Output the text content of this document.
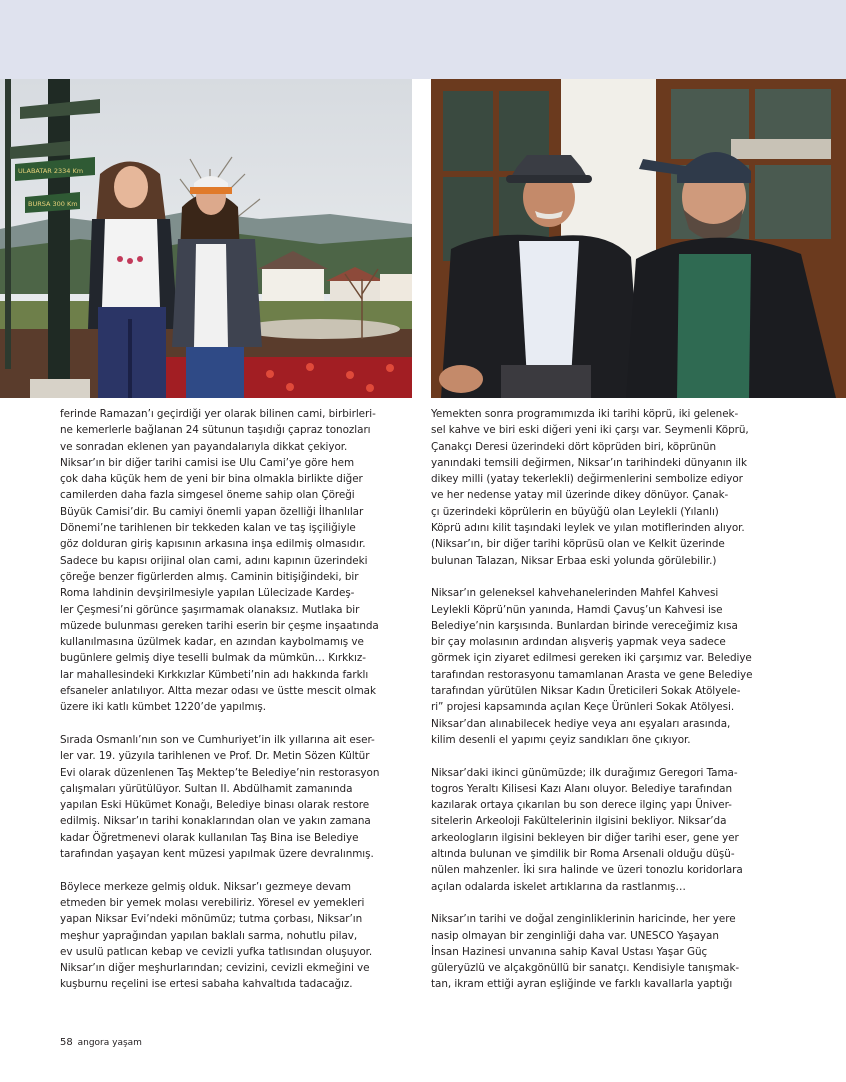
ULABATAR 2334 Km
BURSA 300 Km

ferinde Ramazan’ı geçirdiği yer olarak bilinen cami, birbirleri-
ne kemerlerle bağlanan 24 sütunun taşıdığı çapraz tonozları
ve sonradan eklenen yan payandalarıyla dikkat çekiyor.
Niksar’ın bir diğer tarihi camisi ise Ulu Cami’ye göre hem
çok daha küçük hem de yeni bir bina olmakla birlikte diğer
camilerden daha fazla simgesel öneme sahip olan Çöreği
Büyük Camisi’dir. Bu camiyi önemli yapan özelliği İlhanlılar
Dönemi’ne tarihlenen bir tekkeden kalan ve taş işçiliğiyle
göz dolduran giriş kapısının arkasına inşa edilmiş olmasıdır.
Sadece bu kapısı orijinal olan cami, adını kapının üzerindeki
çöreğe benzer figürlerden almış. Caminin bitişiğindeki, bir
Roma lahdinin devşirilmesiyle yapılan Lülecizade Kardeş-
ler Çeşmesi’ni görünce şaşırmamak olanaksız. Mutlaka bir
müzede bulunması gereken tarihi eserin bir çeşme inşaatında
kullanılmasına üzülmek kadar, en azından kaybolmamış ve
bugünlere gelmiş diye teselli bulmak da mümkün… Kırkkız-
lar mahallesindeki Kırkkızlar Kümbeti’nin adı hakkında farklı
efsaneler anlatılıyor. Altta mezar odası ve üstte mescit olmak
üzere iki katlı kümbet 1220’de yapılmış.

Sırada Osmanlı’nın son ve Cumhuriyet’in ilk yıllarına ait eser-
ler var. 19. yüzyıla tarihlenen ve Prof. Dr. Metin Sözen Kültür
Evi olarak düzenlenen Taş Mektep’te Belediye’nin restorasyon
çalışmaları yürütülüyor. Sultan II. Abdülhamit zamanında
yapılan Eski Hükümet Konağı, Belediye binası olarak restore
edilmiş. Niksar’ın tarihi konaklarından olan ve yakın zamana
kadar Öğretmenevi olarak kullanılan Taş Bina ise Belediye
tarafından yaşayan kent müzesi yapılmak üzere devralınmış.

Böylece merkeze gelmiş olduk. Niksar’ı gezmeye devam
etmeden bir yemek molası verebiliriz. Yöresel ev yemekleri
yapan Niksar Evi’ndeki mönümüz; tutma çorbası, Niksar’ın
meşhur yaprağından yapılan baklalı sarma, nohutlu pilav,
ev usulü patlıcan kebap ve cevizli yufka tatlısından oluşuyor.
Niksar’ın diğer meşhurlarından; cevizini, cevizli ekmeğini ve
kuşburnu reçelini ise ertesi sabaha kahvaltıda tadacağız.

Yemekten sonra programımızda iki tarihi köprü, iki gelenek-
sel kahve ve biri eski diğeri yeni iki çarşı var. Seymenli Köprü,
Çanakçı Deresi üzerindeki dört köprüden biri, köprünün
yanındaki temsili değirmen, Niksar’ın tarihindeki dünyanın ilk
dikey milli (yatay tekerlekli) değirmenlerini sembolize ediyor
ve her nedense yatay mil üzerinde dikey dönüyor. Çanak-
çı üzerindeki köprülerin en büyüğü olan Leylekli (Yılanlı)
Köprü adını kilit taşındaki leylek ve yılan motiflerinden alıyor.
(Niksar’ın, bir diğer tarihi köprüsü olan ve Kelkit üzerinde
bulunan Talazan, Niksar Erbaa eski yolunda görülebilir.)

Niksar’ın geleneksel kahvehanelerinden Mahfel Kahvesi
Leylekli Köprü’nün yanında, Hamdi Çavuş’un Kahvesi ise
Belediye’nin karşısında. Bunlardan birinde vereceğimiz kısa
bir çay molasının ardından alışveriş yapmak veya sadece
görmek için ziyaret edilmesi gereken iki çarşımız var. Belediye
tarafından restorasyonu tamamlanan Arasta ve gene Belediye
tarafından yürütülen Niksar Kadın Üreticileri Sokak Atölyele-
ri” projesi kapsamında açılan Keçe Ürünleri Sokak Atölyesi.
Niksar’dan alınabilecek hediye veya anı eşyaları arasında,
kilim desenli el yapımı çeyiz sandıkları öne çıkıyor.

Niksar’daki ikinci günümüzde; ilk durağımız Geregori Tama-
togros Yeraltı Kilisesi Kazı Alanı oluyor. Belediye tarafından
kazılarak ortaya çıkarılan bu son derece ilginç yapı Üniver-
sitelerin Arkeoloji Fakültelerinin ilgisini bekliyor. Niksar’da
arkeologların ilgisini bekleyen bir diğer tarihi eser, gene yer
altında bulunan ve şimdilik bir Roma Arsenali olduğu düşü-
nülen mahzenler. İki sıra halinde ve üzeri tonozlu koridorlara
açılan odalarda iskelet artıklarına da rastlanmış…

Niksar’ın tarihi ve doğal zenginliklerinin haricinde, her yere
nasip olmayan bir zenginliği daha var. UNESCO Yaşayan
İnsan Hazinesi unvanına sahip Kaval Ustası Yaşar Güç
güleryüzlü ve alçakgönüllü bir sanatçı. Kendisiyle tanışmak-
tan, ikram ettiği ayran eşliğinde ve farklı kavallarla yaptığı

58 angora yaşam
